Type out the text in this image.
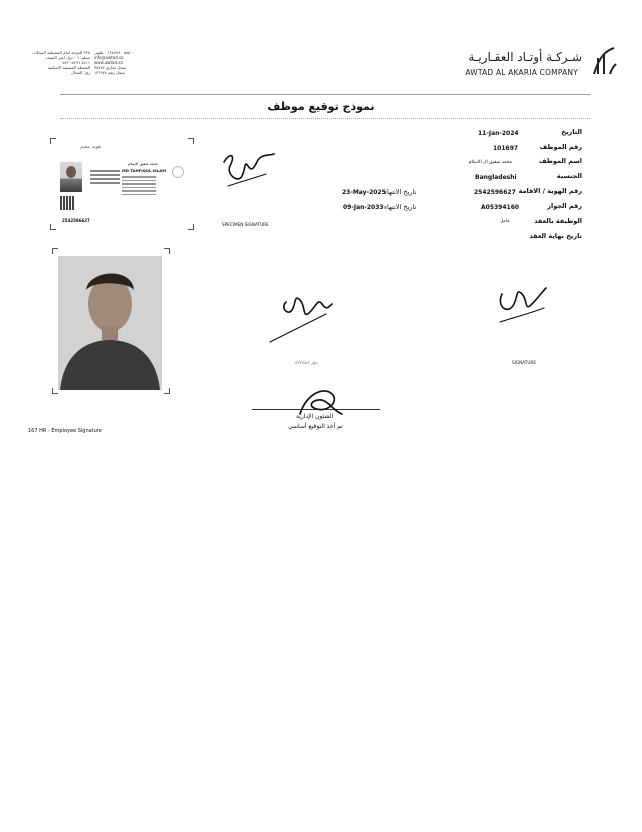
شـركـة أوتـاد العقـاريـة
AWTAD AL AKARIA COMPANY
٣٢٥ الدوحة امام المصطبة المحلات
ستلم: ٦ - دول امير الضيف
٥٤١١ ٥٢٩٦: ٥٢٢
المحطة المصنفة الاسكينة
ري: المحال
٥٥٥٠٠ ١٣٤٧٨٩٠ : تلفون
info@awtad.sa
www.awtad.sa
سجل تجاري ٣٥٧٨٢
سجل رقم ١٢٦٩٧٨
نموذج توقيع موظف
التاريخ
11-Jan-2024
رقم الموظف
101697
اسم الموظف
محمد شفيق ال الاسلام
الجنسية
Bangladeshi
رقم الهوية / الاقامة
2542596627
تاريخ الانتهاء
23-May-2025
رقم الجواز
A05394160
تاريخ الانتهاء
09-Jan-2033
الوظيفة بالعقد
عامل
تاريخ نهاية العقد
هوية مقيم
محمد شفيق الإسلام
MD TAHFIQUL ISLAM
2542596627
SPECIMEN SIGNATURE
دوار ١٢/٢/٤٥٢	SIGNATURE
الشئون الإدارية
تم أخذ التوقيع أساسي
167 HR - Employee Signature
